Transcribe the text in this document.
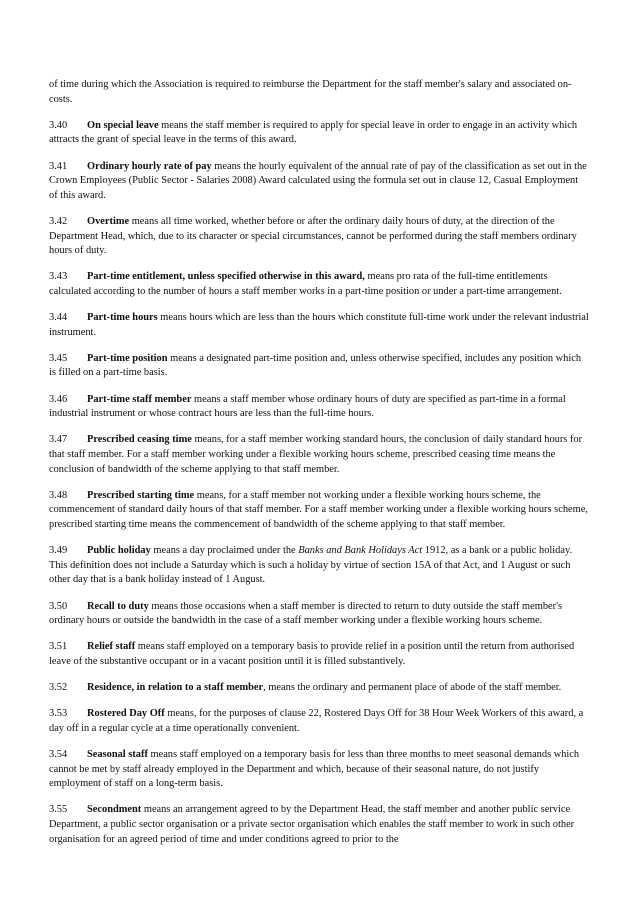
of time during which the Association is required to reimburse the Department for the staff member's salary and associated on-costs.

3.40 On special leave means the staff member is required to apply for special leave in order to engage in an activity which attracts the grant of special leave in the terms of this award.

3.41 Ordinary hourly rate of pay means the hourly equivalent of the annual rate of pay of the classification as set out in the Crown Employees (Public Sector - Salaries 2008) Award calculated using the formula set out in clause 12, Casual Employment of this award.

3.42 Overtime means all time worked, whether before or after the ordinary daily hours of duty, at the direction of the Department Head, which, due to its character or special circumstances, cannot be performed during the staff members ordinary hours of duty.

3.43 Part-time entitlement, unless specified otherwise in this award, means pro rata of the full-time entitlements calculated according to the number of hours a staff member works in a part-time position or under a part-time arrangement.

3.44 Part-time hours means hours which are less than the hours which constitute full-time work under the relevant industrial instrument.

3.45 Part-time position means a designated part-time position and, unless otherwise specified, includes any position which is filled on a part-time basis.

3.46 Part-time staff member means a staff member whose ordinary hours of duty are specified as part-time in a formal industrial instrument or whose contract hours are less than the full-time hours.

3.47 Prescribed ceasing time means, for a staff member working standard hours, the conclusion of daily standard hours for that staff member. For a staff member working under a flexible working hours scheme, prescribed ceasing time means the conclusion of bandwidth of the scheme applying to that staff member.

3.48 Prescribed starting time means, for a staff member not working under a flexible working hours scheme, the commencement of standard daily hours of that staff member. For a staff member working under a flexible working hours scheme, prescribed starting time means the commencement of bandwidth of the scheme applying to that staff member.

3.49 Public holiday means a day proclaimed under the Banks and Bank Holidays Act 1912, as a bank or a public holiday. This definition does not include a Saturday which is such a holiday by virtue of section 15A of that Act, and 1 August or such other day that is a bank holiday instead of 1 August.

3.50 Recall to duty means those occasions when a staff member is directed to return to duty outside the staff member's ordinary hours or outside the bandwidth in the case of a staff member working under a flexible working hours scheme.

3.51 Relief staff means staff employed on a temporary basis to provide relief in a position until the return from authorised leave of the substantive occupant or in a vacant position until it is filled substantively.

3.52 Residence, in relation to a staff member, means the ordinary and permanent place of abode of the staff member.

3.53 Rostered Day Off means, for the purposes of clause 22, Rostered Days Off for 38 Hour Week Workers of this award, a day off in a regular cycle at a time operationally convenient.

3.54 Seasonal staff means staff employed on a temporary basis for less than three months to meet seasonal demands which cannot be met by staff already employed in the Department and which, because of their seasonal nature, do not justify employment of staff on a long-term basis.

3.55 Secondment means an arrangement agreed to by the Department Head, the staff member and another public service Department, a public sector organisation or a private sector organisation which enables the staff member to work in such other organisation for an agreed period of time and under conditions agreed to prior to the
